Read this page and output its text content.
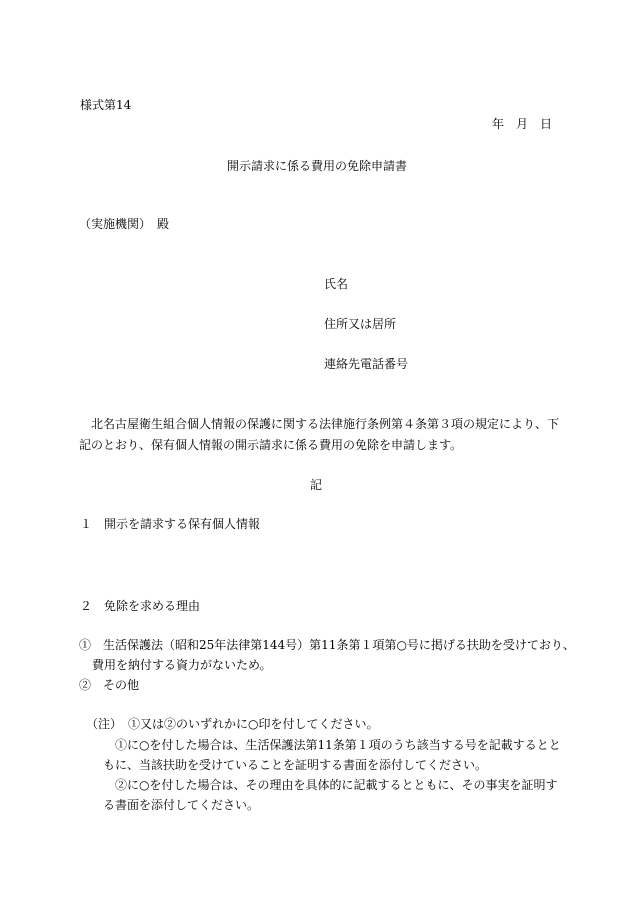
様式第14
年　月　日
開示請求に係る費用の免除申請書
（実施機関）　殿
氏名
住所又は居所
連絡先電話番号
北名古屋衛生組合個人情報の保護に関する法律施行条例第４条第３項の規定により、下
記のとおり、保有個人情報の開示請求に係る費用の免除を申請します。
記
１　開示を請求する保有個人情報
２　免除を求める理由
①　生活保護法（昭和25年法律第144号）第11条第１項第○号に掲げる扶助を受けており、
費用を納付する資力がないため。
②　その他
（注）　①又は②のいずれかに○印を付してください。
①に○を付した場合は、生活保護法第11条第１項のうち該当する号を記載するとと
もに、当該扶助を受けていることを証明する書面を添付してください。
②に○を付した場合は、その理由を具体的に記載するとともに、その事実を証明す
る書面を添付してください。
